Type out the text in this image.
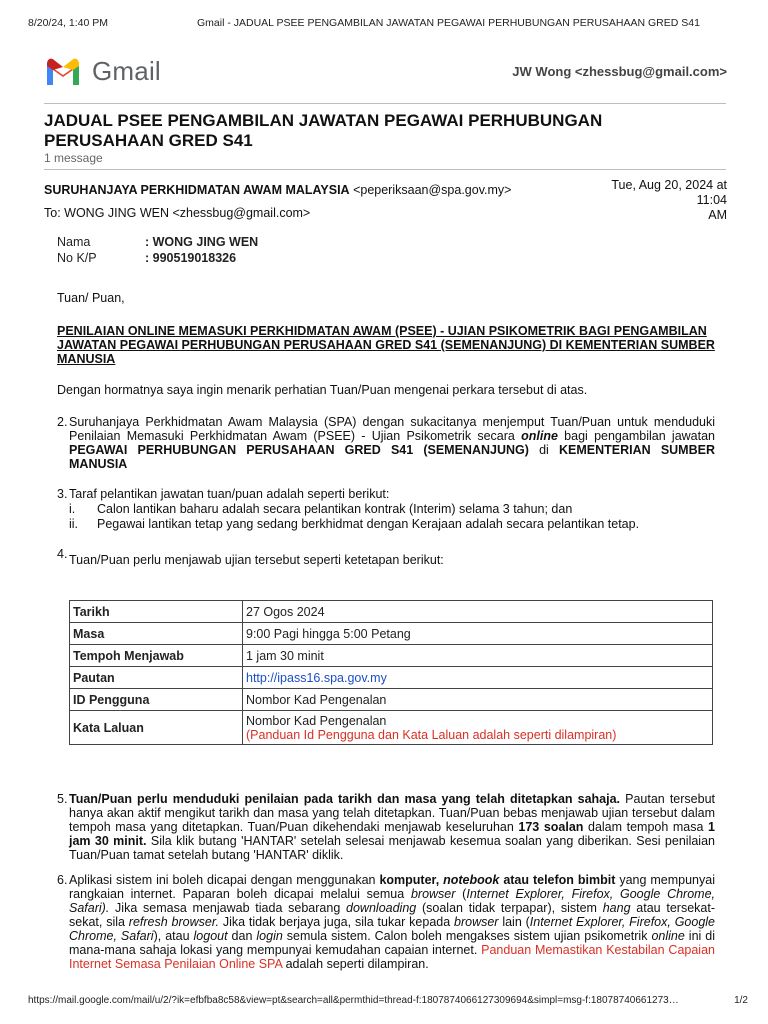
8/20/24, 1:40 PM	Gmail - JADUAL PSEE PENGAMBILAN JAWATAN PEGAWAI PERHUBUNGAN PERUSAHAAN GRED S41
Gmail	JW Wong <zhessbug@gmail.com>
JADUAL PSEE PENGAMBILAN JAWATAN PEGAWAI PERHUBUNGAN PERUSAHAAN GRED S41
1 message
SURUHANJAYA PERKHIDMATAN AWAM MALAYSIA <peperiksaan@spa.gov.my>	Tue, Aug 20, 2024 at 11:04
AM
To: WONG JING WEN <zhessbug@gmail.com>
Nama	: WONG JING WEN
No K/P	: 990519018326
Tuan/ Puan,
PENILAIAN ONLINE MEMASUKI PERKHIDMATAN AWAM (PSEE) - UJIAN PSIKOMETRIK BAGI PENGAMBILAN JAWATAN PEGAWAI PERHUBUNGAN PERUSAHAAN GRED S41 (SEMENANJUNG) DI KEMENTERIAN SUMBER MANUSIA
Dengan hormatnya saya ingin menarik perhatian Tuan/Puan mengenai perkara tersebut di atas.
2. Suruhanjaya Perkhidmatan Awam Malaysia (SPA) dengan sukacitanya menjemput Tuan/Puan untuk menduduki Penilaian Memasuki Perkhidmatan Awam (PSEE) - Ujian Psikometrik secara online bagi pengambilan jawatan PEGAWAI PERHUBUNGAN PERUSAHAAN GRED S41 (SEMENANJUNG) di KEMENTERIAN SUMBER MANUSIA
3. Taraf pelantikan jawatan tuan/puan adalah seperti berikut:
i.	Calon lantikan baharu adalah secara pelantikan kontrak (Interim) selama 3 tahun; dan
ii.	Pegawai lantikan tetap yang sedang berkhidmat dengan Kerajaan adalah secara pelantikan tetap.
4. Tuan/Puan perlu menjawab ujian tersebut seperti ketetapan berikut:
Tarikh	27 Ogos 2024
Masa	9:00 Pagi hingga 5:00 Petang
Tempoh Menjawab	1 jam 30 minit
Pautan	http://ipass16.spa.gov.my
ID Pengguna	Nombor Kad Pengenalan
Kata Laluan	Nombor Kad Pengenalan
(Panduan Id Pengguna dan Kata Laluan adalah seperti dilampiran)
5. Tuan/Puan perlu menduduki penilaian pada tarikh dan masa yang telah ditetapkan sahaja. Pautan tersebut hanya akan aktif mengikut tarikh dan masa yang telah ditetapkan. Tuan/Puan bebas menjawab ujian tersebut dalam tempoh masa yang ditetapkan. Tuan/Puan dikehendaki menjawab keseluruhan 173 soalan dalam tempoh masa 1 jam 30 minit. Sila klik butang 'HANTAR' setelah selesai menjawab kesemua soalan yang diberikan. Sesi penilaian Tuan/Puan tamat setelah butang 'HANTAR' diklik.
6. Aplikasi sistem ini boleh dicapai dengan menggunakan komputer, notebook atau telefon bimbit yang mempunyai rangkaian internet. Paparan boleh dicapai melalui semua browser (Internet Explorer, Firefox, Google Chrome, Safari). Jika semasa menjawab tiada sebarang downloading (soalan tidak terpapar), sistem hang atau tersekat-sekat, sila refresh browser. Jika tidak berjaya juga, sila tukar kepada browser lain (Internet Explorer, Firefox, Google Chrome, Safari), atau logout dan login semula sistem. Calon boleh mengakses sistem ujian psikometrik online ini di mana-mana sahaja lokasi yang mempunyai kemudahan capaian internet. Panduan Memastikan Kestabilan Capaian Internet Semasa Penilaian Online SPA adalah seperti dilampiran.
https://mail.google.com/mail/u/2/?ik=efbfba8c58&view=pt&search=all&permthid=thread-f:1807874066127309694&simpl=msg-f:18078740661273…	1/2
